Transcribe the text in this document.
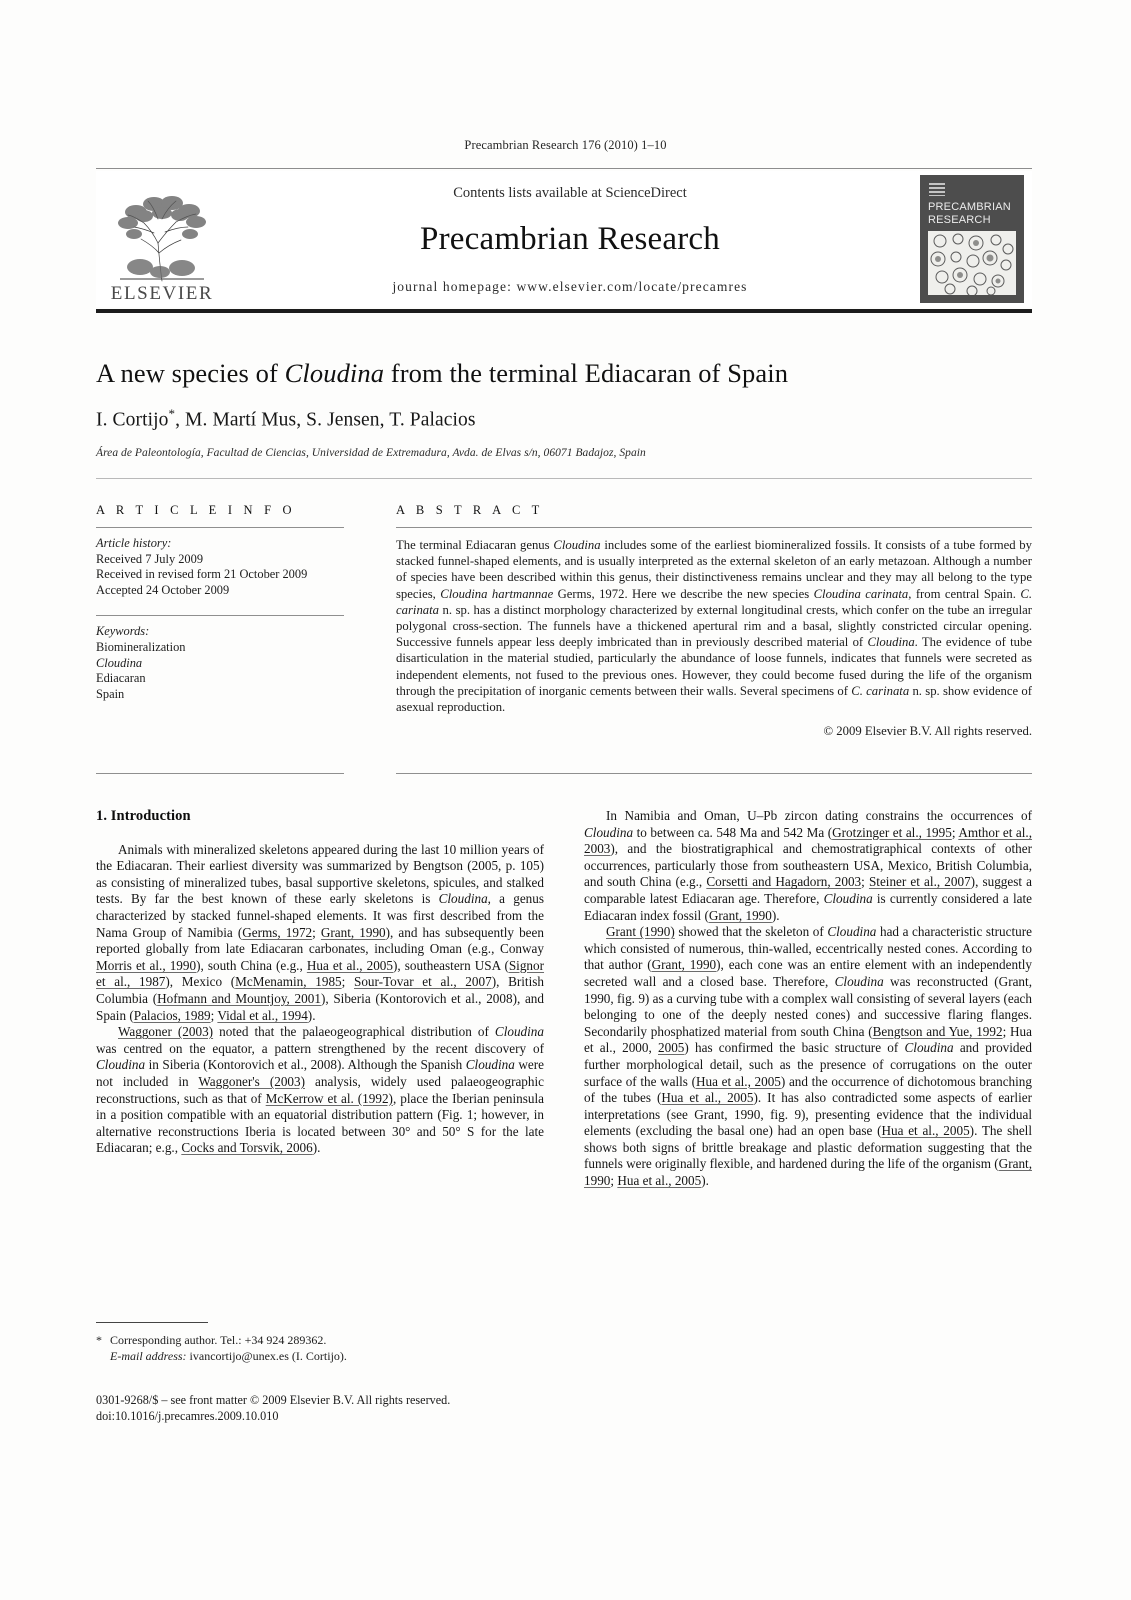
Precambrian Research 176 (2010) 1–10
ELSEVIER
Contents lists available at ScienceDirect
Precambrian Research
journal homepage: www.elsevier.com/locate/precamres
PRECAMBRIAN RESEARCH
A new species of Cloudina from the terminal Ediacaran of Spain
I. Cortijo*, M. Martí Mus, S. Jensen, T. Palacios
Área de Paleontología, Facultad de Ciencias, Universidad de Extremadura, Avda. de Elvas s/n, 06071 Badajoz, Spain
A R T I C L E I N F O
Article history:
Received 7 July 2009
Received in revised form 21 October 2009
Accepted 24 October 2009
Keywords:
Biomineralization
Cloudina
Ediacaran
Spain
A B S T R A C T
The terminal Ediacaran genus Cloudina includes some of the earliest biomineralized fossils. It consists of a tube formed by stacked funnel-shaped elements, and is usually interpreted as the external skeleton of an early metazoan. Although a number of species have been described within this genus, their distinctiveness remains unclear and they may all belong to the type species, Cloudina hartmannae Germs, 1972. Here we describe the new species Cloudina carinata, from central Spain. C. carinata n. sp. has a distinct morphology characterized by external longitudinal crests, which confer on the tube an irregular polygonal cross-section. The funnels have a thickened apertural rim and a basal, slightly constricted circular opening. Successive funnels appear less deeply imbricated than in previously described material of Cloudina. The evidence of tube disarticulation in the material studied, particularly the abundance of loose funnels, indicates that funnels were secreted as independent elements, not fused to the previous ones. However, they could become fused during the life of the organism through the precipitation of inorganic cements between their walls. Several specimens of C. carinata n. sp. show evidence of asexual reproduction.
© 2009 Elsevier B.V. All rights reserved.
1. Introduction

Animals with mineralized skeletons appeared during the last 10 million years of the Ediacaran. Their earliest diversity was summarized by Bengtson (2005, p. 105) as consisting of mineralized tubes, basal supportive skeletons, spicules, and stalked tests. By far the best known of these early skeletons is Cloudina, a genus characterized by stacked funnel-shaped elements. It was first described from the Nama Group of Namibia (Germs, 1972; Grant, 1990), and has subsequently been reported globally from late Ediacaran carbonates, including Oman (e.g., Conway Morris et al., 1990), south China (e.g., Hua et al., 2005), southeastern USA (Signor et al., 1987), Mexico (McMenamin, 1985; Sour-Tovar et al., 2007), British Columbia (Hofmann and Mountjoy, 2001), Siberia (Kontorovich et al., 2008), and Spain (Palacios, 1989; Vidal et al., 1994).

Waggoner (2003) noted that the palaeogeographical distribution of Cloudina was centred on the equator, a pattern strengthened by the recent discovery of Cloudina in Siberia (Kontorovich et al., 2008). Although the Spanish Cloudina were not included in Waggoner's (2003) analysis, widely used palaeogeographic reconstructions, such as that of McKerrow et al. (1992), place the Iberian peninsula in a position compatible with an equatorial distribution pattern (Fig. 1; however, in alternative reconstructions Iberia is located between 30° and 50° S for the late Ediacaran; e.g., Cocks and Torsvik, 2006).

In Namibia and Oman, U–Pb zircon dating constrains the occurrences of Cloudina to between ca. 548 Ma and 542 Ma (Grotzinger et al., 1995; Amthor et al., 2003), and the biostratigraphical and chemostratigraphical contexts of other occurrences, particularly those from southeastern USA, Mexico, British Columbia, and south China (e.g., Corsetti and Hagadorn, 2003; Steiner et al., 2007), suggest a comparable latest Ediacaran age. Therefore, Cloudina is currently considered a late Ediacaran index fossil (Grant, 1990).

Grant (1990) showed that the skeleton of Cloudina had a characteristic structure which consisted of numerous, thin-walled, eccentrically nested cones. According to that author (Grant, 1990), each cone was an entire element with an independently secreted wall and a closed base. Therefore, Cloudina was reconstructed (Grant, 1990, fig. 9) as a curving tube with a complex wall consisting of several layers (each belonging to one of the deeply nested cones) and successive flaring flanges. Secondarily phosphatized material from south China (Bengtson and Yue, 1992; Hua et al., 2000, 2005) has confirmed the basic structure of Cloudina and provided further morphological detail, such as the presence of corrugations on the outer surface of the walls (Hua et al., 2005) and the occurrence of dichotomous branching of the tubes (Hua et al., 2005). It has also contradicted some aspects of earlier interpretations (see Grant, 1990, fig. 9), presenting evidence that the individual elements (excluding the basal one) had an open base (Hua et al., 2005). The shell shows both signs of brittle breakage and plastic deformation suggesting that the funnels were originally flexible, and hardened during the life of the organism (Grant, 1990; Hua et al., 2005).

* Corresponding author. Tel.: +34 924 289362.
E-mail address: ivancortijo@unex.es (I. Cortijo).
0301-9268/$ – see front matter © 2009 Elsevier B.V. All rights reserved.
doi:10.1016/j.precamres.2009.10.010
